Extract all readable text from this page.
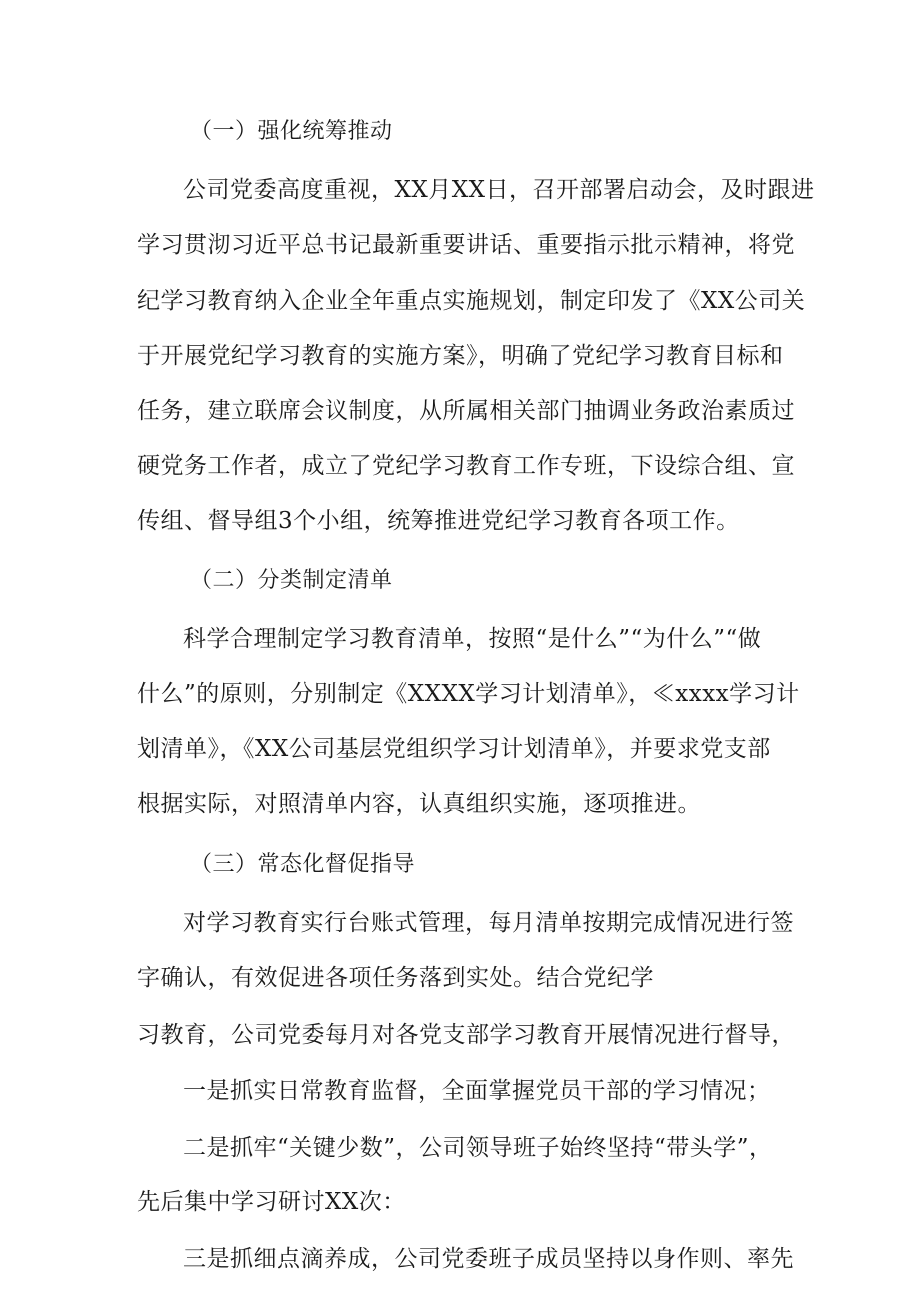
（一）强化统筹推动
公司党委高度重视，XX月XX日，召开部署启动会，及时跟进
学习贯沏习近平总书记最新重要讲话、重要指示批示精神，将党
纪学习教育纳入企业全年重点实施规划，制定印发了《XX公司关
于开展党纪学习教育的实施方案》，明确了党纪学习教育目标和
任务，建立联席会议制度，从所属相关部门抽调业务政治素质过
硬党务工作者，成立了党纪学习教育工作专班，下设综合组、宣
传组、督导组3个小组，统筹推进党纪学习教育各项工作。
（二）分类制定清单
科学合理制定学习教育清单，按照“是什么”“为什么”“做
什么”的原则，分别制定《XXXX学习计划清单》，≪xxxx学习计
划清单》，《XX公司基层党组织学习计划清单》，并要求党支部
根据实际，对照清单内容，认真组织实施，逐项推进。
（三）常态化督促指导
对学习教育实行台账式管理，每月清单按期完成情况进行签
字确认，有效促进各项任务落到实处。结合党纪学
习教育，公司党委每月对各党支部学习教育开展情况进行督导，
一是抓实日常教育监督，全面掌握党员干部的学习情况；
二是抓牢“关键少数”，公司领导班子始终坚持“带头学”，
先后集中学习研讨XX次：
三是抓细点滴养成，公司党委班子成员坚持以身作则、率先
